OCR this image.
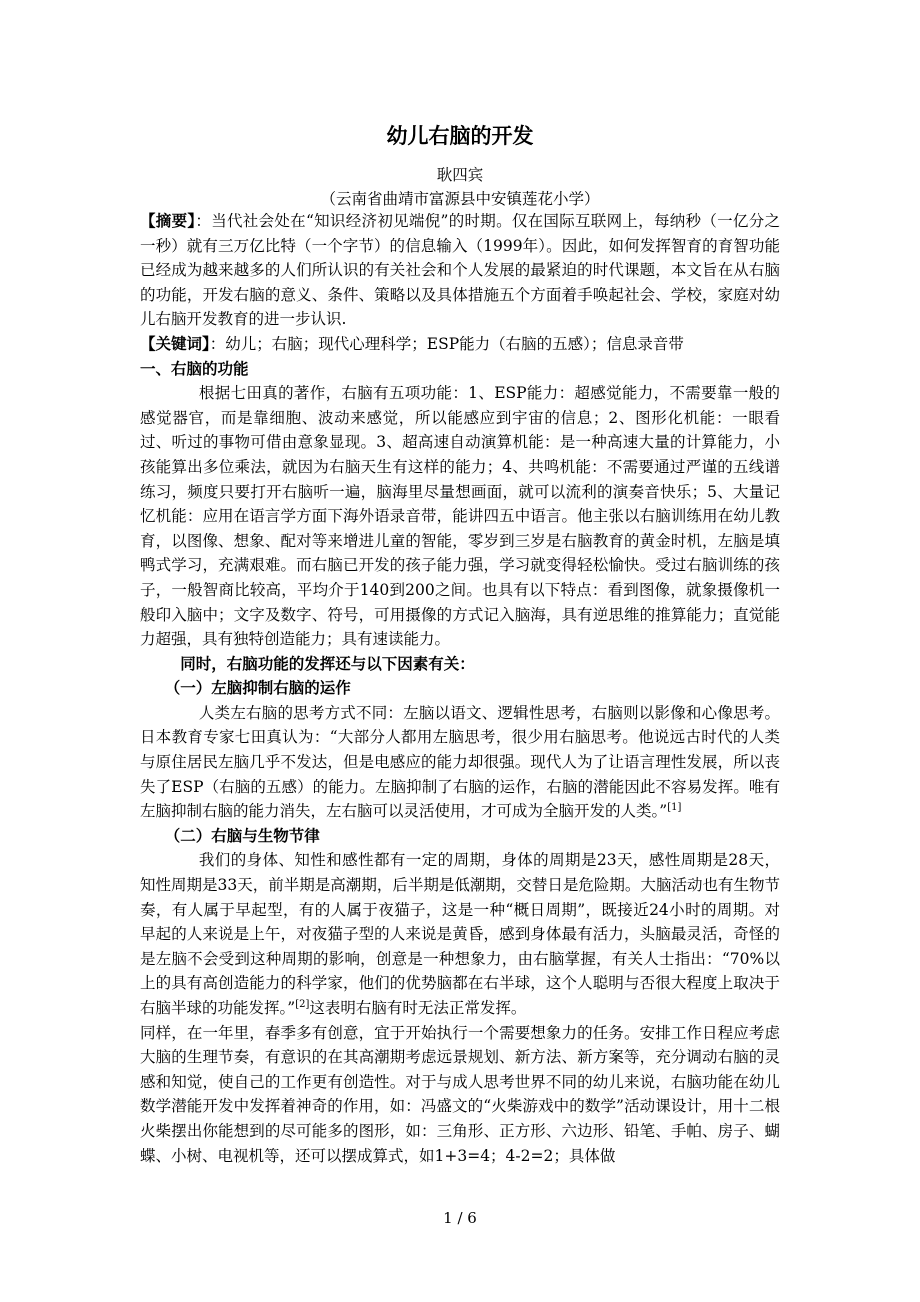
幼儿右脑的开发
耿四宾
（云南省曲靖市富源县中安镇莲花小学）

【摘要】：当代社会处在“知识经济初见端倪”的时期。仅在国际互联网上，每纳秒（一亿分之一秒）就有三万亿比特（一个字节）的信息输入（1999年）。因此，如何发挥智育的育智功能已经成为越来越多的人们所认识的有关社会和个人发展的最紧迫的时代课题，本文旨在从右脑的功能，开发右脑的意义、条件、策略以及具体措施五个方面着手唤起社会、学校，家庭对幼儿右脑开发教育的进一步认识.

【关键词】：幼儿；右脑；现代心理科学；ESP能力（右脑的五感）；信息录音带

一、右脑的功能

根据七田真的著作，右脑有五项功能：1、ESP能力：超感觉能力，不需要靠一般的感觉器官，而是靠细胞、波动来感觉，所以能感应到宇宙的信息；2、图形化机能：一眼看过、听过的事物可借由意象显现。3、超高速自动演算机能：是一种高速大量的计算能力，小孩能算出多位乘法，就因为右脑天生有这样的能力；4、共鸣机能：不需要通过严谨的五线谱练习，频度只要打开右脑听一遍，脑海里尽量想画面，就可以流利的演奏音快乐；5、大量记忆机能：应用在语言学方面下海外语录音带，能讲四五中语言。他主张以右脑训练用在幼儿教育，以图像、想象、配对等来增进儿童的智能，零岁到三岁是右脑教育的黄金时机，左脑是填鸭式学习，充满艰难。而右脑已开发的孩子能力强，学习就变得轻松愉快。受过右脑训练的孩子，一般智商比较高，平均介于140到200之间。也具有以下特点：看到图像，就象摄像机一般印入脑中；文字及数字、符号，可用摄像的方式记入脑海，具有逆思维的推算能力；直觉能力超强，具有独特创造能力；具有速读能力。

同时，右脑功能的发挥还与以下因素有关：

（一）左脑抑制右脑的运作

人类左右脑的思考方式不同：左脑以语文、逻辑性思考，右脑则以影像和心像思考。日本教育专家七田真认为：“大部分人都用左脑思考，很少用右脑思考。他说远古时代的人类与原住居民左脑几乎不发达，但是电感应的能力却很强。现代人为了让语言理性发展，所以丧失了ESP（右脑的五感）的能力。左脑抑制了右脑的运作，右脑的潜能因此不容易发挥。唯有左脑抑制右脑的能力消失，左右脑可以灵活使用，才可成为全脑开发的人类。”[1]

（二）右脑与生物节律

我们的身体、知性和感性都有一定的周期，身体的周期是23天，感性周期是28天，知性周期是33天，前半期是高潮期，后半期是低潮期，交替日是危险期。大脑活动也有生物节奏，有人属于早起型，有的人属于夜猫子，这是一种“概日周期”，既接近24小时的周期。对早起的人来说是上午，对夜猫子型的人来说是黄昏，感到身体最有活力，头脑最灵活，奇怪的是左脑不会受到这种周期的影响，创意是一种想象力，由右脑掌握，有关人士指出：“70%以上的具有高创造能力的科学家，他们的优势脑都在右半球，这个人聪明与否很大程度上取决于右脑半球的功能发挥。”[2]这表明右脑有时无法正常发挥。

同样，在一年里，春季多有创意，宜于开始执行一个需要想象力的任务。安排工作日程应考虑大脑的生理节奏，有意识的在其高潮期考虑远景规划、新方法、新方案等，充分调动右脑的灵感和知觉，使自己的工作更有创造性。对于与成人思考世界不同的幼儿来说，右脑功能在幼儿数学潜能开发中发挥着神奇的作用，如：冯盛文的“火柴游戏中的数学”活动课设计，用十二根火柴摆出你能想到的尽可能多的图形，如：三角形、正方形、六边形、铅笔、手帕、房子、蝴蝶、小树、电视机等，还可以摆成算式，如1+3=4；4-2=2；具体做

1 / 6
